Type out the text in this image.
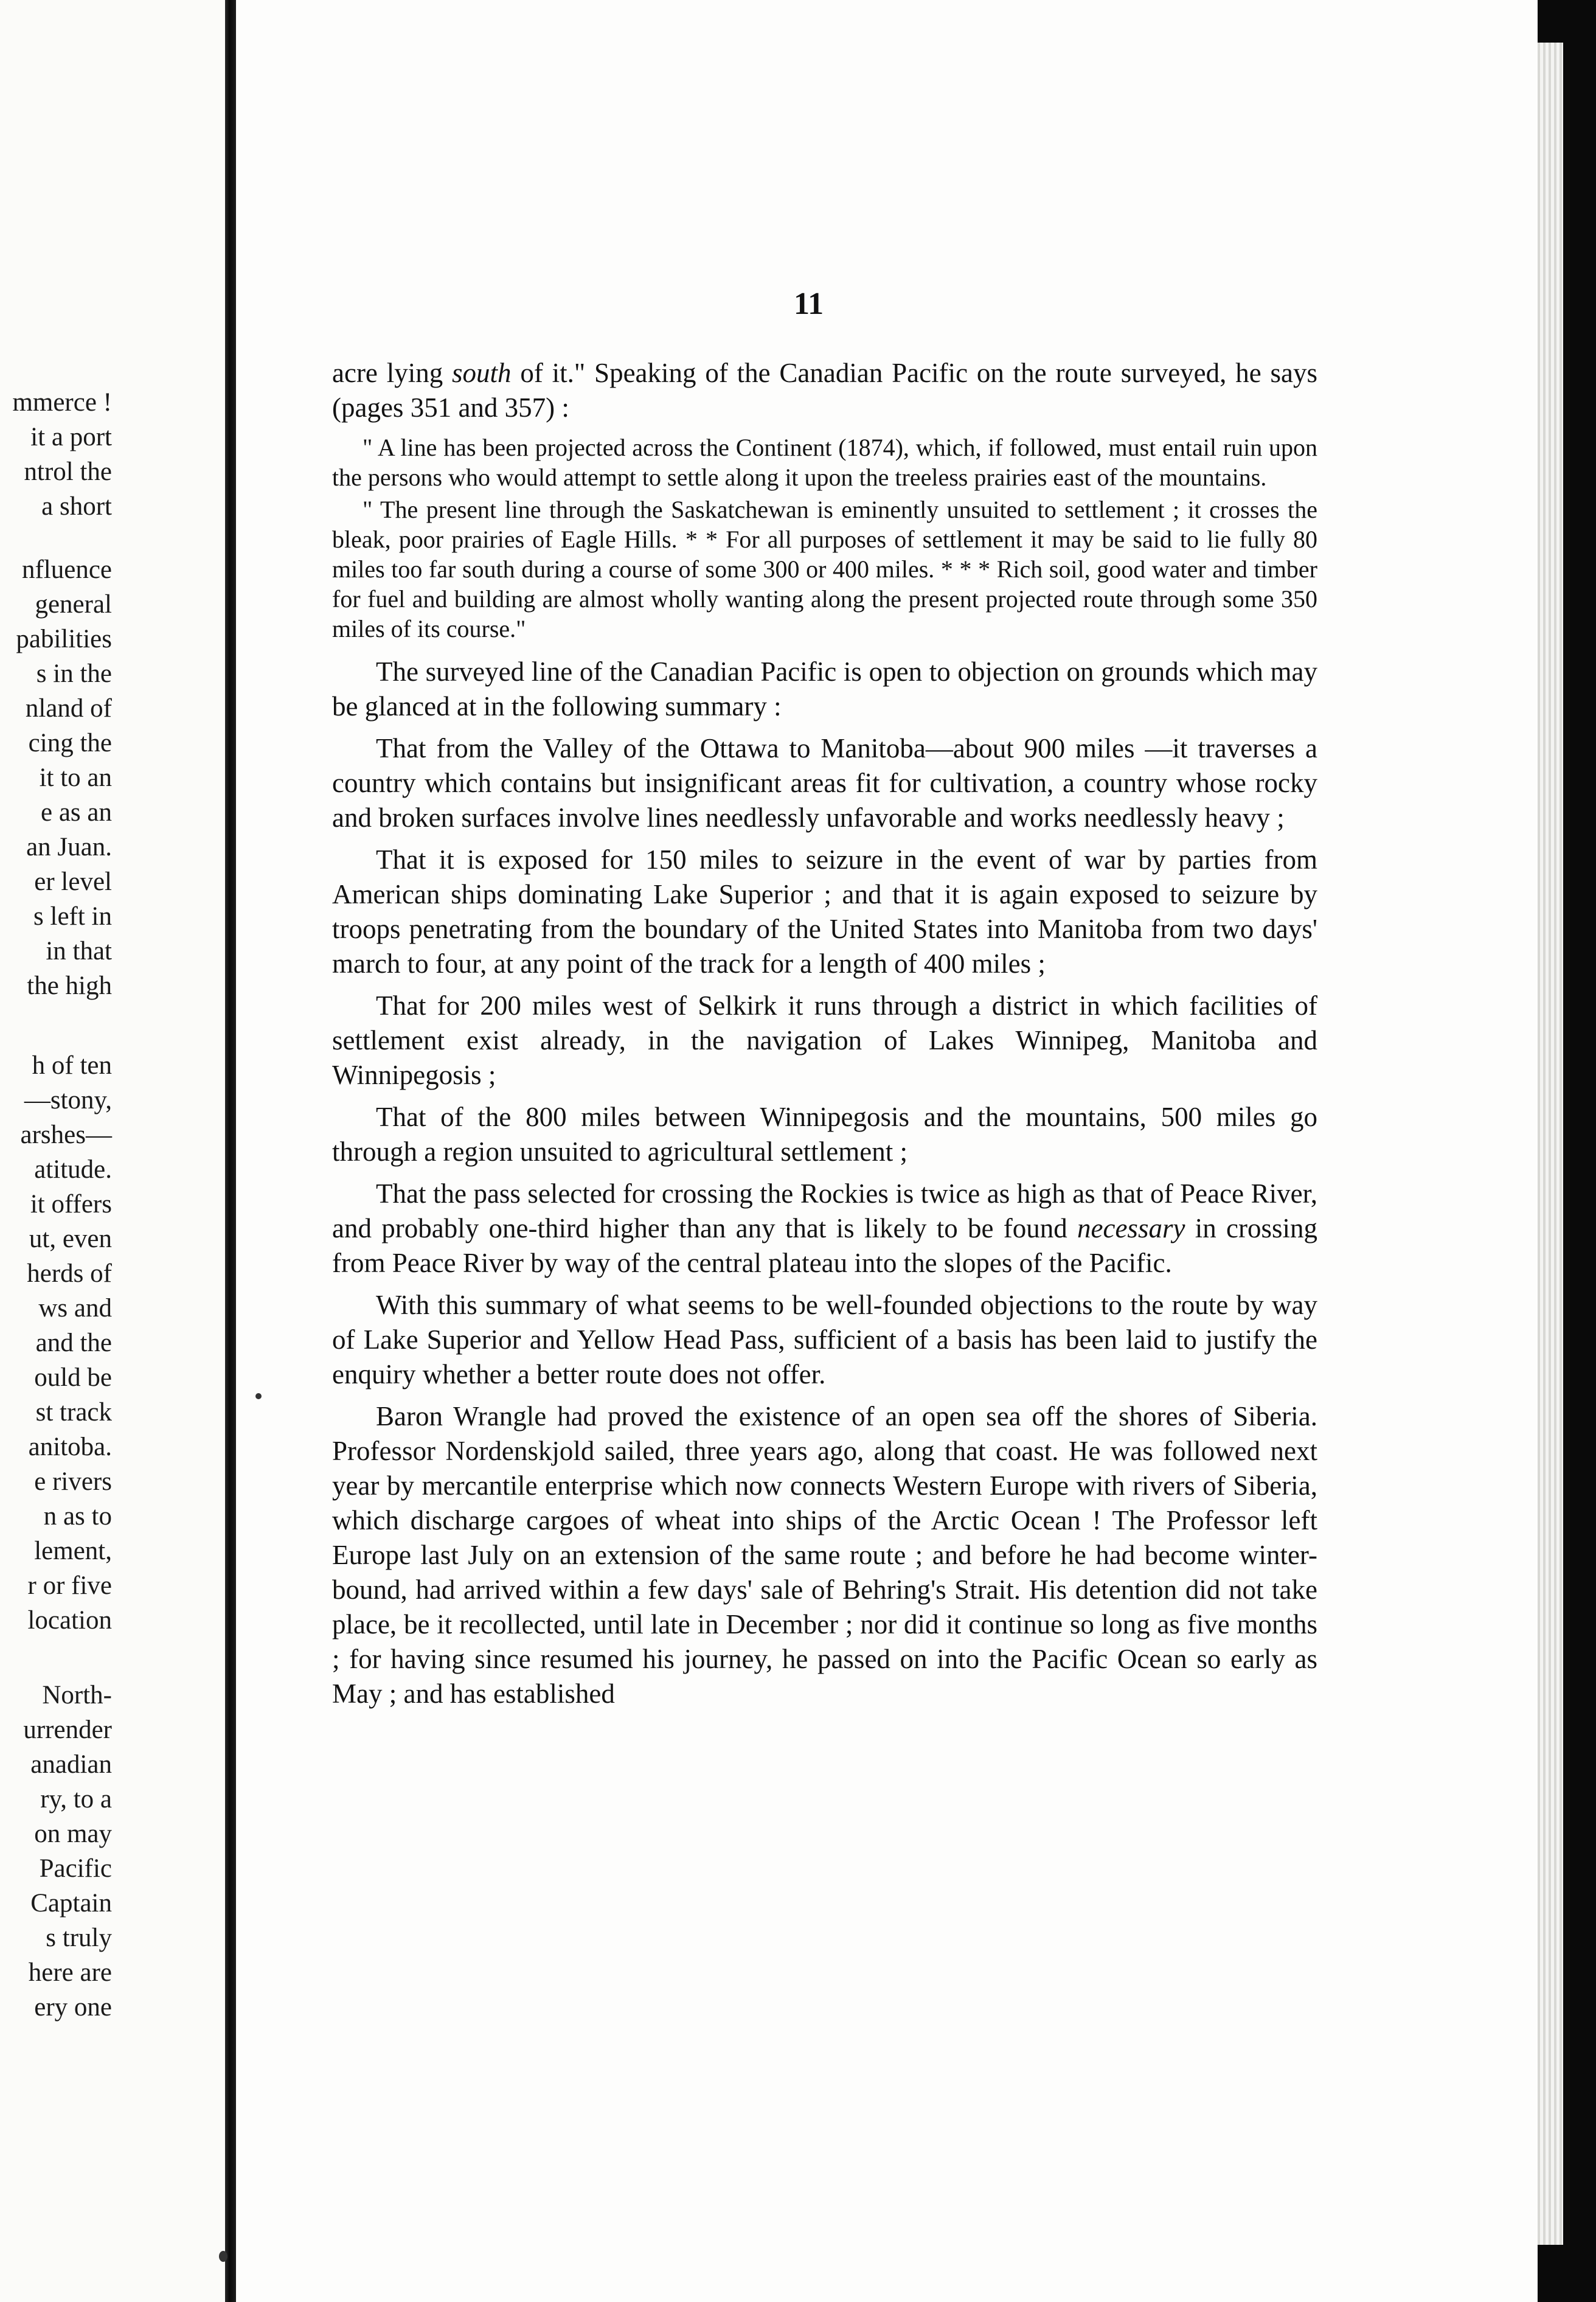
mmerce !
it a port
ntrol the
a short
nfluence
general
pabilities
s in the
nland of
cing the
it to an
e as an
an Juan.
er level
s left in
in that
the high
h of ten
—stony,
arshes—
atitude.
it offers
ut, even
herds of
ws and
and the
ould be
st track
anitoba.
e rivers
n as to
lement,
r or five
location
North-
urrender
anadian
ry, to a
on may
Pacific
Captain
s truly
here are
ery one
11

acre lying south of it." Speaking of the Canadian Pacific on the route surveyed, he says (pages 351 and 357) :

" A line has been projected across the Continent (1874), which, if followed, must entail ruin upon the persons who would attempt to settle along it upon the treeless prairies east of the mountains.

" The present line through the Saskatchewan is eminently unsuited to settlement ; it crosses the bleak, poor prairies of Eagle Hills. * * For all purposes of settlement it may be said to lie fully 80 miles too far south during a course of some 300 or 400 miles. * * * Rich soil, good water and timber for fuel and building are almost wholly wanting along the present projected route through some 350 miles of its course."

The surveyed line of the Canadian Pacific is open to objection on grounds which may be glanced at in the following summary :

That from the Valley of the Ottawa to Manitoba—about 900 miles —it traverses a country which contains but insignificant areas fit for cultivation, a country whose rocky and broken surfaces involve lines needlessly unfavorable and works needlessly heavy ;

That it is exposed for 150 miles to seizure in the event of war by parties from American ships dominating Lake Superior ; and that it is again exposed to seizure by troops penetrating from the boundary of the United States into Manitoba from two days' march to four, at any point of the track for a length of 400 miles ;

That for 200 miles west of Selkirk it runs through a district in which facilities of settlement exist already, in the navigation of Lakes Winnipeg, Manitoba and Winnipegosis ;

That of the 800 miles between Winnipegosis and the mountains, 500 miles go through a region unsuited to agricultural settlement ;

That the pass selected for crossing the Rockies is twice as high as that of Peace River, and probably one-third higher than any that is likely to be found necessary in crossing from Peace River by way of the central plateau into the slopes of the Pacific.

With this summary of what seems to be well-founded objections to the route by way of Lake Superior and Yellow Head Pass, sufficient of a basis has been laid to justify the enquiry whether a better route does not offer.

Baron Wrangle had proved the existence of an open sea off the shores of Siberia. Professor Nordenskjold sailed, three years ago, along that coast. He was followed next year by mercantile enterprise which now connects Western Europe with rivers of Siberia, which discharge cargoes of wheat into ships of the Arctic Ocean ! The Professor left Europe last July on an extension of the same route ; and before he had become winter-bound, had arrived within a few days' sale of Behring's Strait. His detention did not take place, be it recollected, until late in December ; nor did it continue so long as five months ; for having since resumed his journey, he passed on into the Pacific Ocean so early as May ; and has established
